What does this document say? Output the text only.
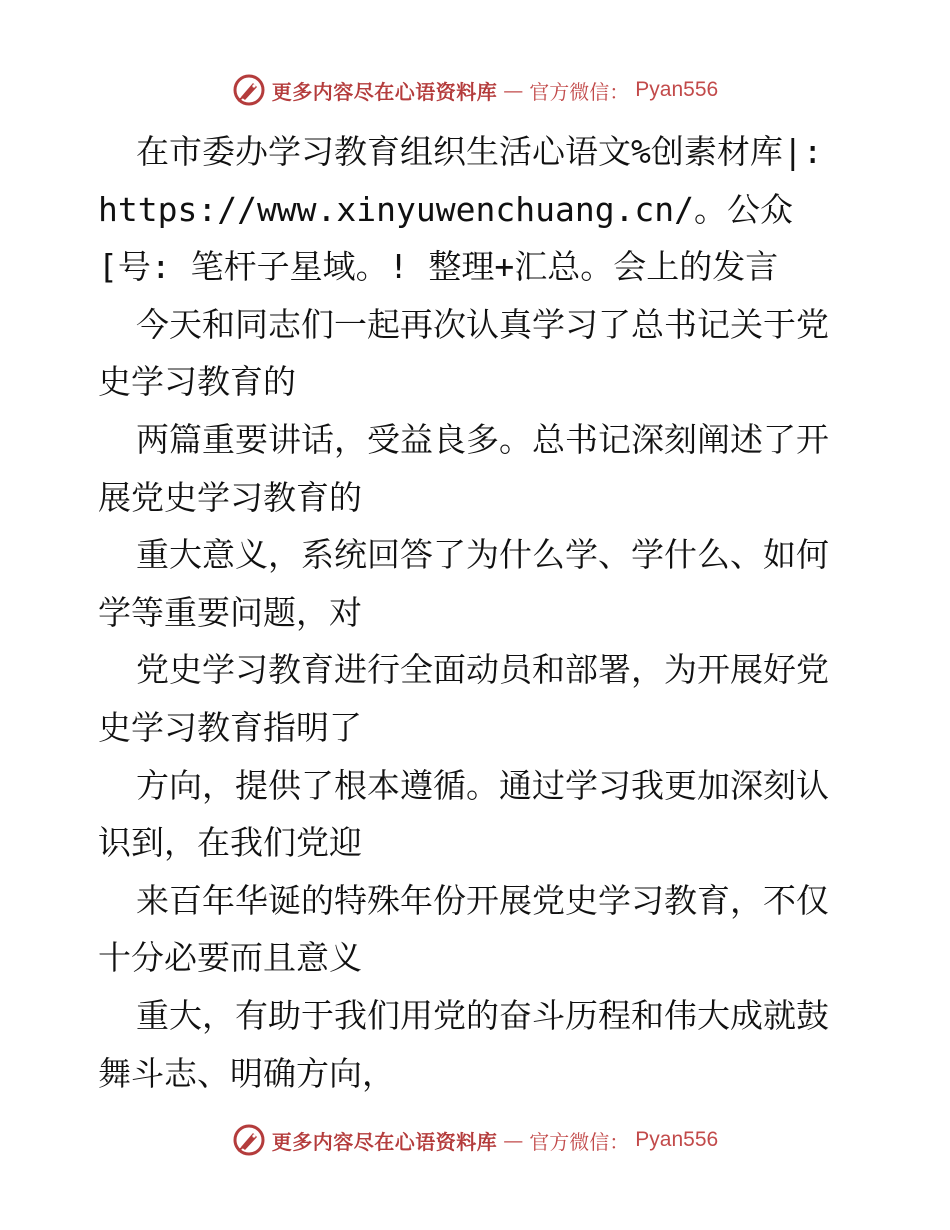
更多内容尽在心语资料库 — 官方微信： Pyan556

在市委办学习教育组织生活心语文%创素材库|: https://www.xinyuwenchuang.cn/。公众[号: 笔杆子星域。! 整理+汇总。会上的发言

今天和同志们一起再次认真学习了总书记关于党史学习教育的

两篇重要讲话，受益良多。总书记深刻阐述了开展党史学习教育的

重大意义，系统回答了为什么学、学什么、如何学等重要问题，对

党史学习教育进行全面动员和部署，为开展好党史学习教育指明了

方向，提供了根本遵循。通过学习我更加深刻认识到，在我们党迎

来百年华诞的特殊年份开展党史学习教育，不仅十分必要而且意义

重大，有助于我们用党的奋斗历程和伟大成就鼓舞斗志、明确方向，

更多内容尽在心语资料库 — 官方微信： Pyan556
